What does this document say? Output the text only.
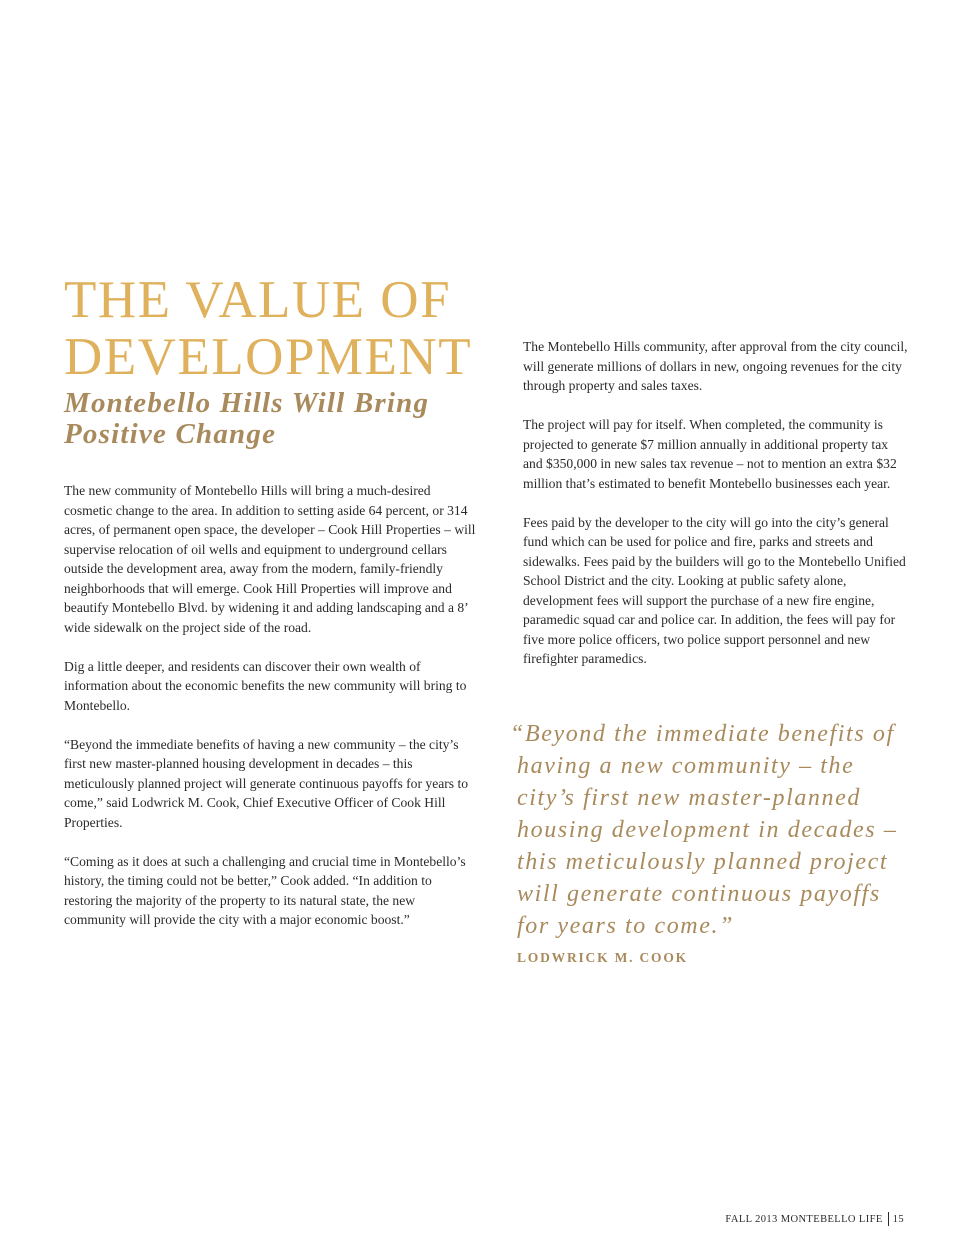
THE VALUE OF
DEVELOPMENT
Montebello Hills Will Bring
Positive Change

The new community of Montebello Hills will bring a much-desired cosmetic change to the area. In addition to setting aside 64 percent, or 314 acres, of permanent open space, the developer – Cook Hill Properties – will supervise relocation of oil wells and equipment to underground cellars outside the development area, away from the modern, family-friendly neighborhoods that will emerge. Cook Hill Properties will improve and beautify Montebello Blvd. by widening it and adding landscaping and a 8’ wide sidewalk on the project side of the road.

Dig a little deeper, and residents can discover their own wealth of information about the economic benefits the new community will bring to Montebello.

“Beyond the immediate benefits of having a new community – the city’s first new master-planned housing development in decades – this meticulously planned project will generate continuous payoffs for years to come,” said Lodwrick M. Cook, Chief Executive Officer of Cook Hill Properties.

“Coming as it does at such a challenging and crucial time in Montebello’s history, the timing could not be better,” Cook added. “In addition to restoring the majority of the property to its natural state, the new community will provide the city with a major economic boost.”

The Montebello Hills community, after approval from the city council, will generate millions of dollars in new, ongoing revenues for the city through property and sales taxes.

The project will pay for itself. When completed, the community is projected to generate $7 million annually in additional property tax and $350,000 in new sales tax revenue – not to mention an extra $32 million that’s estimated to benefit Montebello businesses each year.

Fees paid by the developer to the city will go into the city’s general fund which can be used for police and fire, parks and streets and sidewalks. Fees paid by the builders will go to the Montebello Unified School District and the city. Looking at public safety alone, development fees will support the purchase of a new fire engine, paramedic squad car and police car. In addition, the fees will pay for five more police officers, two police support personnel and new firefighter paramedics.

“Beyond the immediate benefits of
having a new community – the
city’s first new master-planned
housing development in decades –
this meticulously planned project
will generate continuous payoffs
for years to come.”

LODWRICK M. COOK

FALL 2013
MONTEBELLO LIFE 15
